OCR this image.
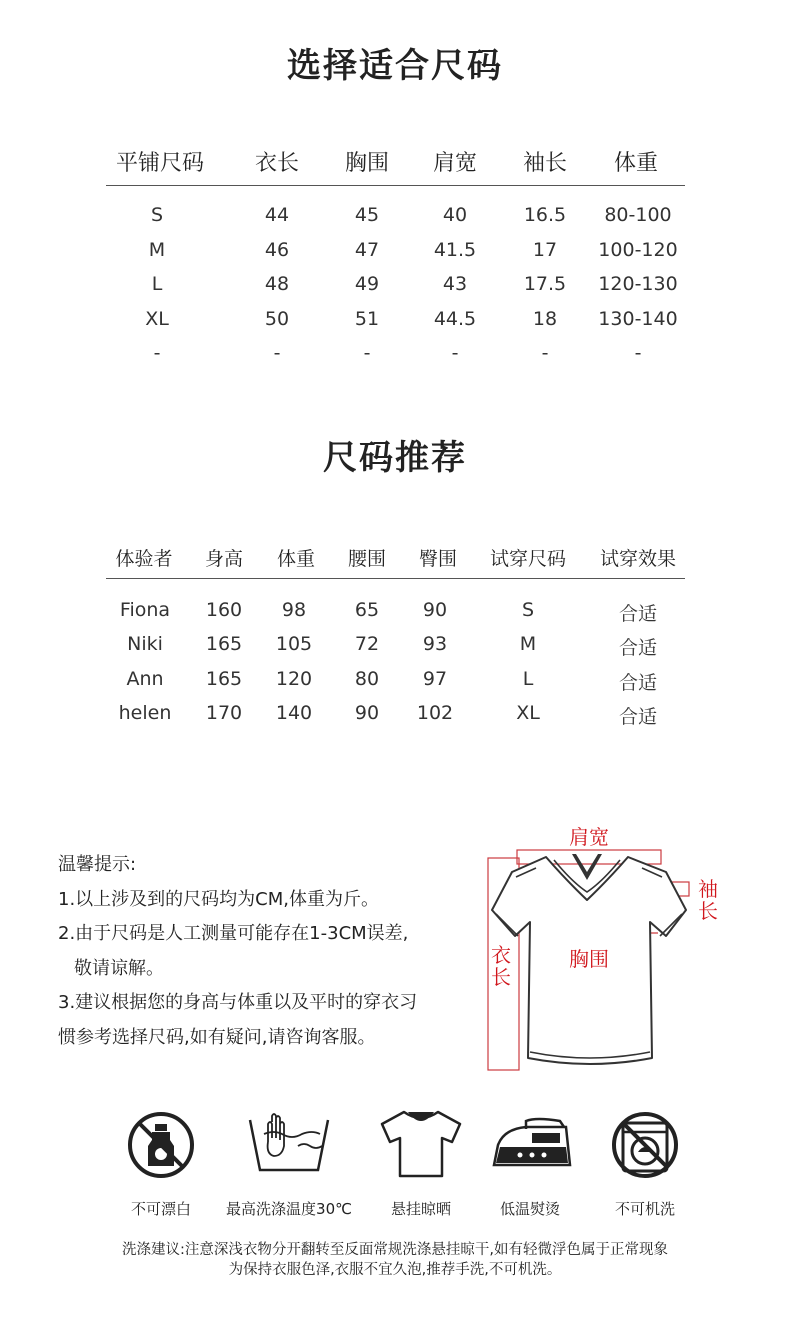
选择适合尺码
平铺尺码 衣长 胸围 肩宽 袖长 体重
S	44	45	40	16.5 80-100
M	46	47	41.5	17 100-120
L	48	49	43	17.5 120-130
XL	50	51	44.5	18 130-140
-	-	-	-	-	-
尺码推荐
体验者 身高 体重 腰围 臀围 试穿尺码 试穿效果
Fiona 160 98	65 90	S	合适
Niki 165 105 72 93	M	合适
Ann 165 120 80 97	L	合适
helen 170 140 90 102	XL	合适
温馨提示:
1.以上涉及到的尺码均为CM,体重为斤。
2.由于尺码是人工测量可能存在1-3CM误差,
敬请谅解。
3.建议根据您的身高与体重以及平时的穿衣习
惯参考选择尺码,如有疑问,请咨询客服。
肩宽
袖
长
衣
长
胸围
不可漂白 最高洗涤温度30℃	悬挂晾晒	低温熨烫	不可机洗
洗涤建议:注意深浅衣物分开翻转至反面常规洗涤悬挂晾干,如有轻微浮色属于正常现象
为保持衣服色泽,衣服不宜久泡,推荐手洗,不可机洗。
